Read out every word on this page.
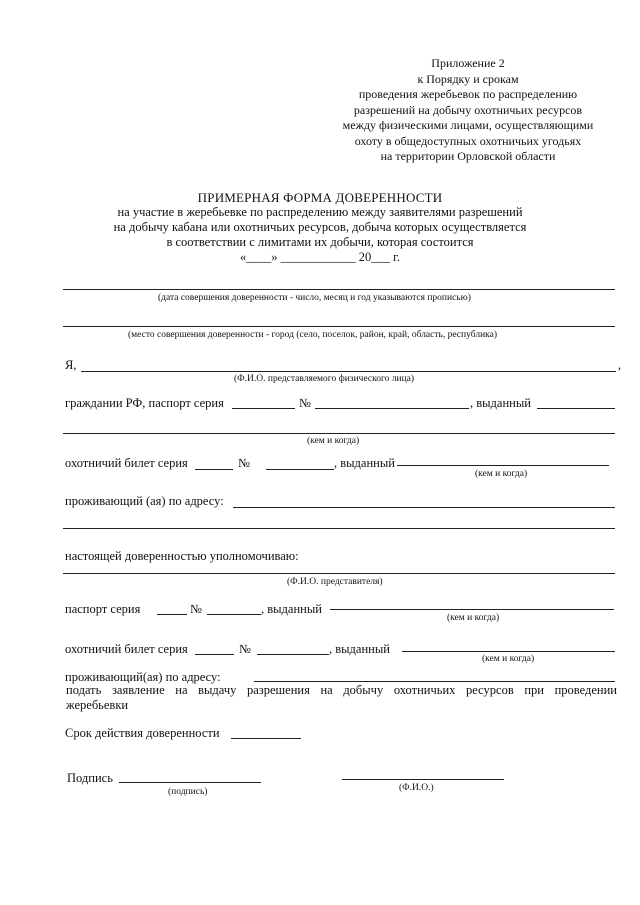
Приложение 2
к Порядку и срокам
проведения жеребьевок по распределению
разрешений на добычу охотничьих ресурсов
между физическими лицами, осуществляющими
охоту в общедоступных охотничьих угодьях
на территории Орловской области
ПРИМЕРНАЯ ФОРМА ДОВЕРЕННОСТИ
на участие в жеребьевке по распределению между заявителями разрешений
на добычу кабана или охотничьих ресурсов, добыча которых осуществляется
в соответствии с лимитами их добычи, которая состоится
«____» ____________ 20___ г.
(дата совершения доверенности - число, месяц и год указываются прописью)
(место совершения доверенности - город (село, поселок, район, край, область, республика)
Я,	,
(Ф.И.О. представляемого физического лица)
граждании РФ, паспорт серия	№	, выданный
(кем и когда)
охотничий билет серия	№	, выданный
(кем и когда)
проживающий (ая) по адресу:
настоящей доверенностью уполномочиваю:
(Ф.И.О. представителя)
паспорт серия	№	, выданный
(кем и когда)
охотничий билет серия	№	, выданный
(кем и когда)
проживающий(ая) по адресу:
подать заявление на выдачу разрешения на добычу охотничьих ресурсов при проведении жеребьевки
Срок действия доверенности
Подпись
(подпись)	(Ф.И.О.)
